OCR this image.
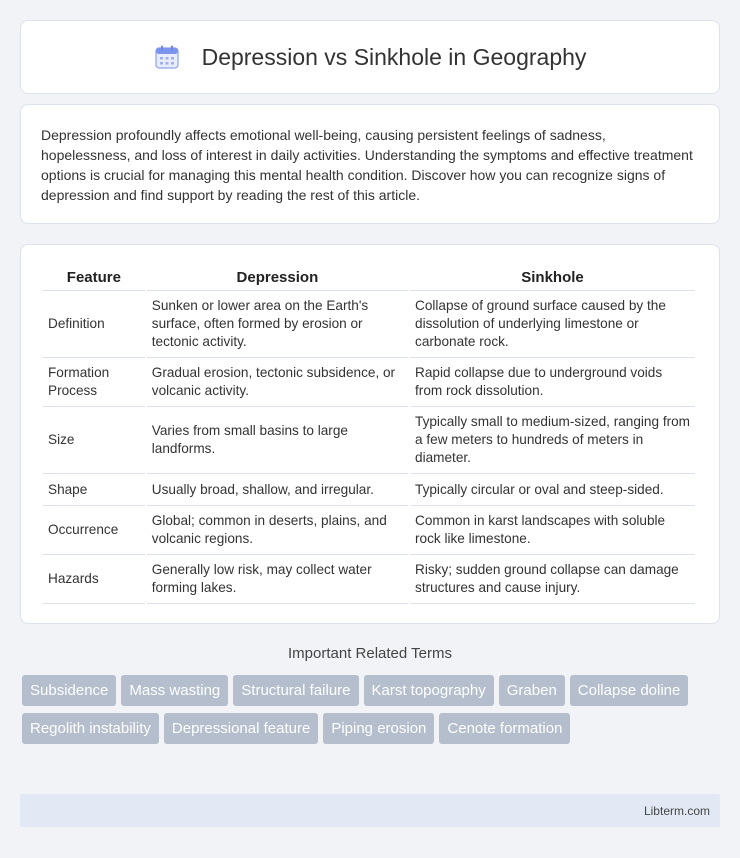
Depression vs Sinkhole in Geography

Depression profoundly affects emotional well-being, causing persistent feelings of sadness, hopelessness, and loss of interest in daily activities. Understanding the symptoms and effective treatment options is crucial for managing this mental health condition. Discover how you can recognize signs of depression and find support by reading the rest of this article.

Feature	Depression	Sinkhole
Definition	Sunken or lower area on the Earth's surface, often formed by erosion or tectonic activity.	Collapse of ground surface caused by the dissolution of underlying limestone or carbonate rock.
Formation Process	Gradual erosion, tectonic subsidence, or volcanic activity.	Rapid collapse due to underground voids from rock dissolution.
Size	Varies from small basins to large landforms.	Typically small to medium-sized, ranging from a few meters to hundreds of meters in diameter.
Shape	Usually broad, shallow, and irregular.	Typically circular or oval and steep-sided.
Occurrence	Global; common in deserts, plains, and volcanic regions.	Common in karst landscapes with soluble rock like limestone.
Hazards	Generally low risk, may collect water forming lakes.	Risky; sudden ground collapse can damage structures and cause injury.
Important Related Terms
Subsidence	Mass wasting	Structural failure	Karst topography	Graben	Collapse doline
Regolith instability	Depressional feature	Piping erosion	Cenote formation
Libterm.com
